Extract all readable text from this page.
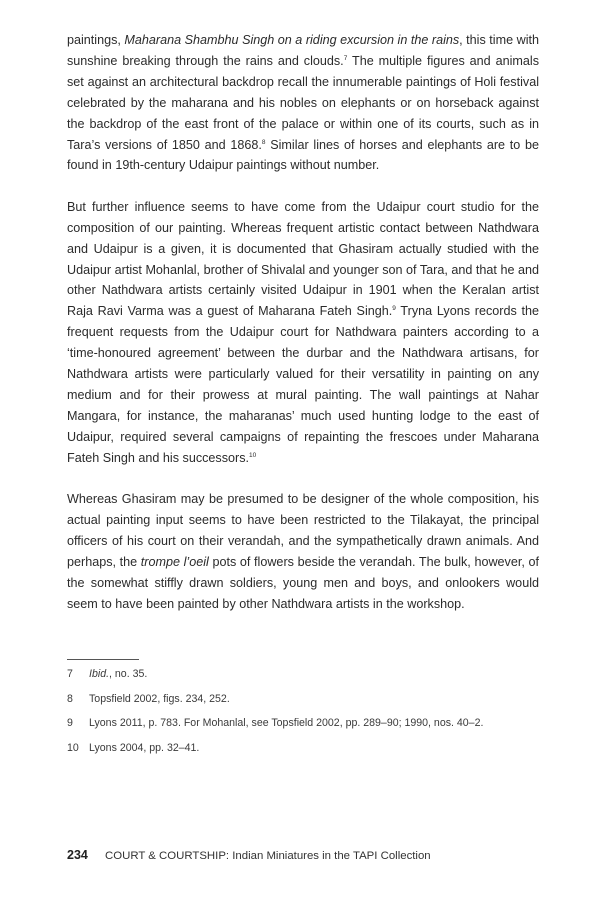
paintings, Maharana Shambhu Singh on a riding excursion in the rains, this time with sunshine breaking through the rains and clouds.$^7$ The multiple figures and animals set against an architectural backdrop recall the innumerable paintings of Holi festival celebrated by the maharana and his nobles on elephants or on horseback against the backdrop of the east front of the palace or within one of its courts, such as in Tara’s versions of 1850 and 1868.$^8$ Similar lines of horses and elephants are to be found in 19th-century Udaipur paintings without number.

But further influence seems to have come from the Udaipur court studio for the composition of our painting. Whereas frequent artistic contact between Nathdwara and Udaipur is a given, it is documented that Ghasiram actually studied with the Udaipur artist Mohanlal, brother of Shivalal and younger son of Tara, and that he and other Nathdwara artists certainly visited Udaipur in 1901 when the Keralan artist Raja Ravi Varma was a guest of Maharana Fateh Singh.$^9$ Tryna Lyons records the frequent requests from the Udaipur court for Nathdwara painters according to a ‘time-honoured agreement’ between the durbar and the Nathdwara artisans, for Nathdwara artists were particularly valued for their versatility in painting on any medium and for their prowess at mural painting. The wall paintings at Nahar Mangara, for instance, the maharanas’ much used hunting lodge to the east of Udaipur, required several campaigns of repainting the frescoes under Maharana Fateh Singh and his successors.$^{10}$

Whereas Ghasiram may be presumed to be designer of the whole composition, his actual painting input seems to have been restricted to the Tilakayat, the principal officers of his court on their verandah, and the sympathetically drawn animals. And perhaps, the trompe l’oeil pots of flowers beside the verandah. The bulk, however, of the somewhat stiffly drawn soldiers, young men and boys, and onlookers would seem to have been painted by other Nathdwara artists in the workshop.

7	Ibid., no. 35.
8	Topsfield 2002, figs. 234, 252.
9	Lyons 2011, p. 783. For Mohanlal, see Topsfield 2002, pp. 289–90; 1990, nos. 40–2.
10 Lyons 2004, pp. 32–41.
234 COURT & COURTSHIP: Indian Miniatures in the TAPI Collection
